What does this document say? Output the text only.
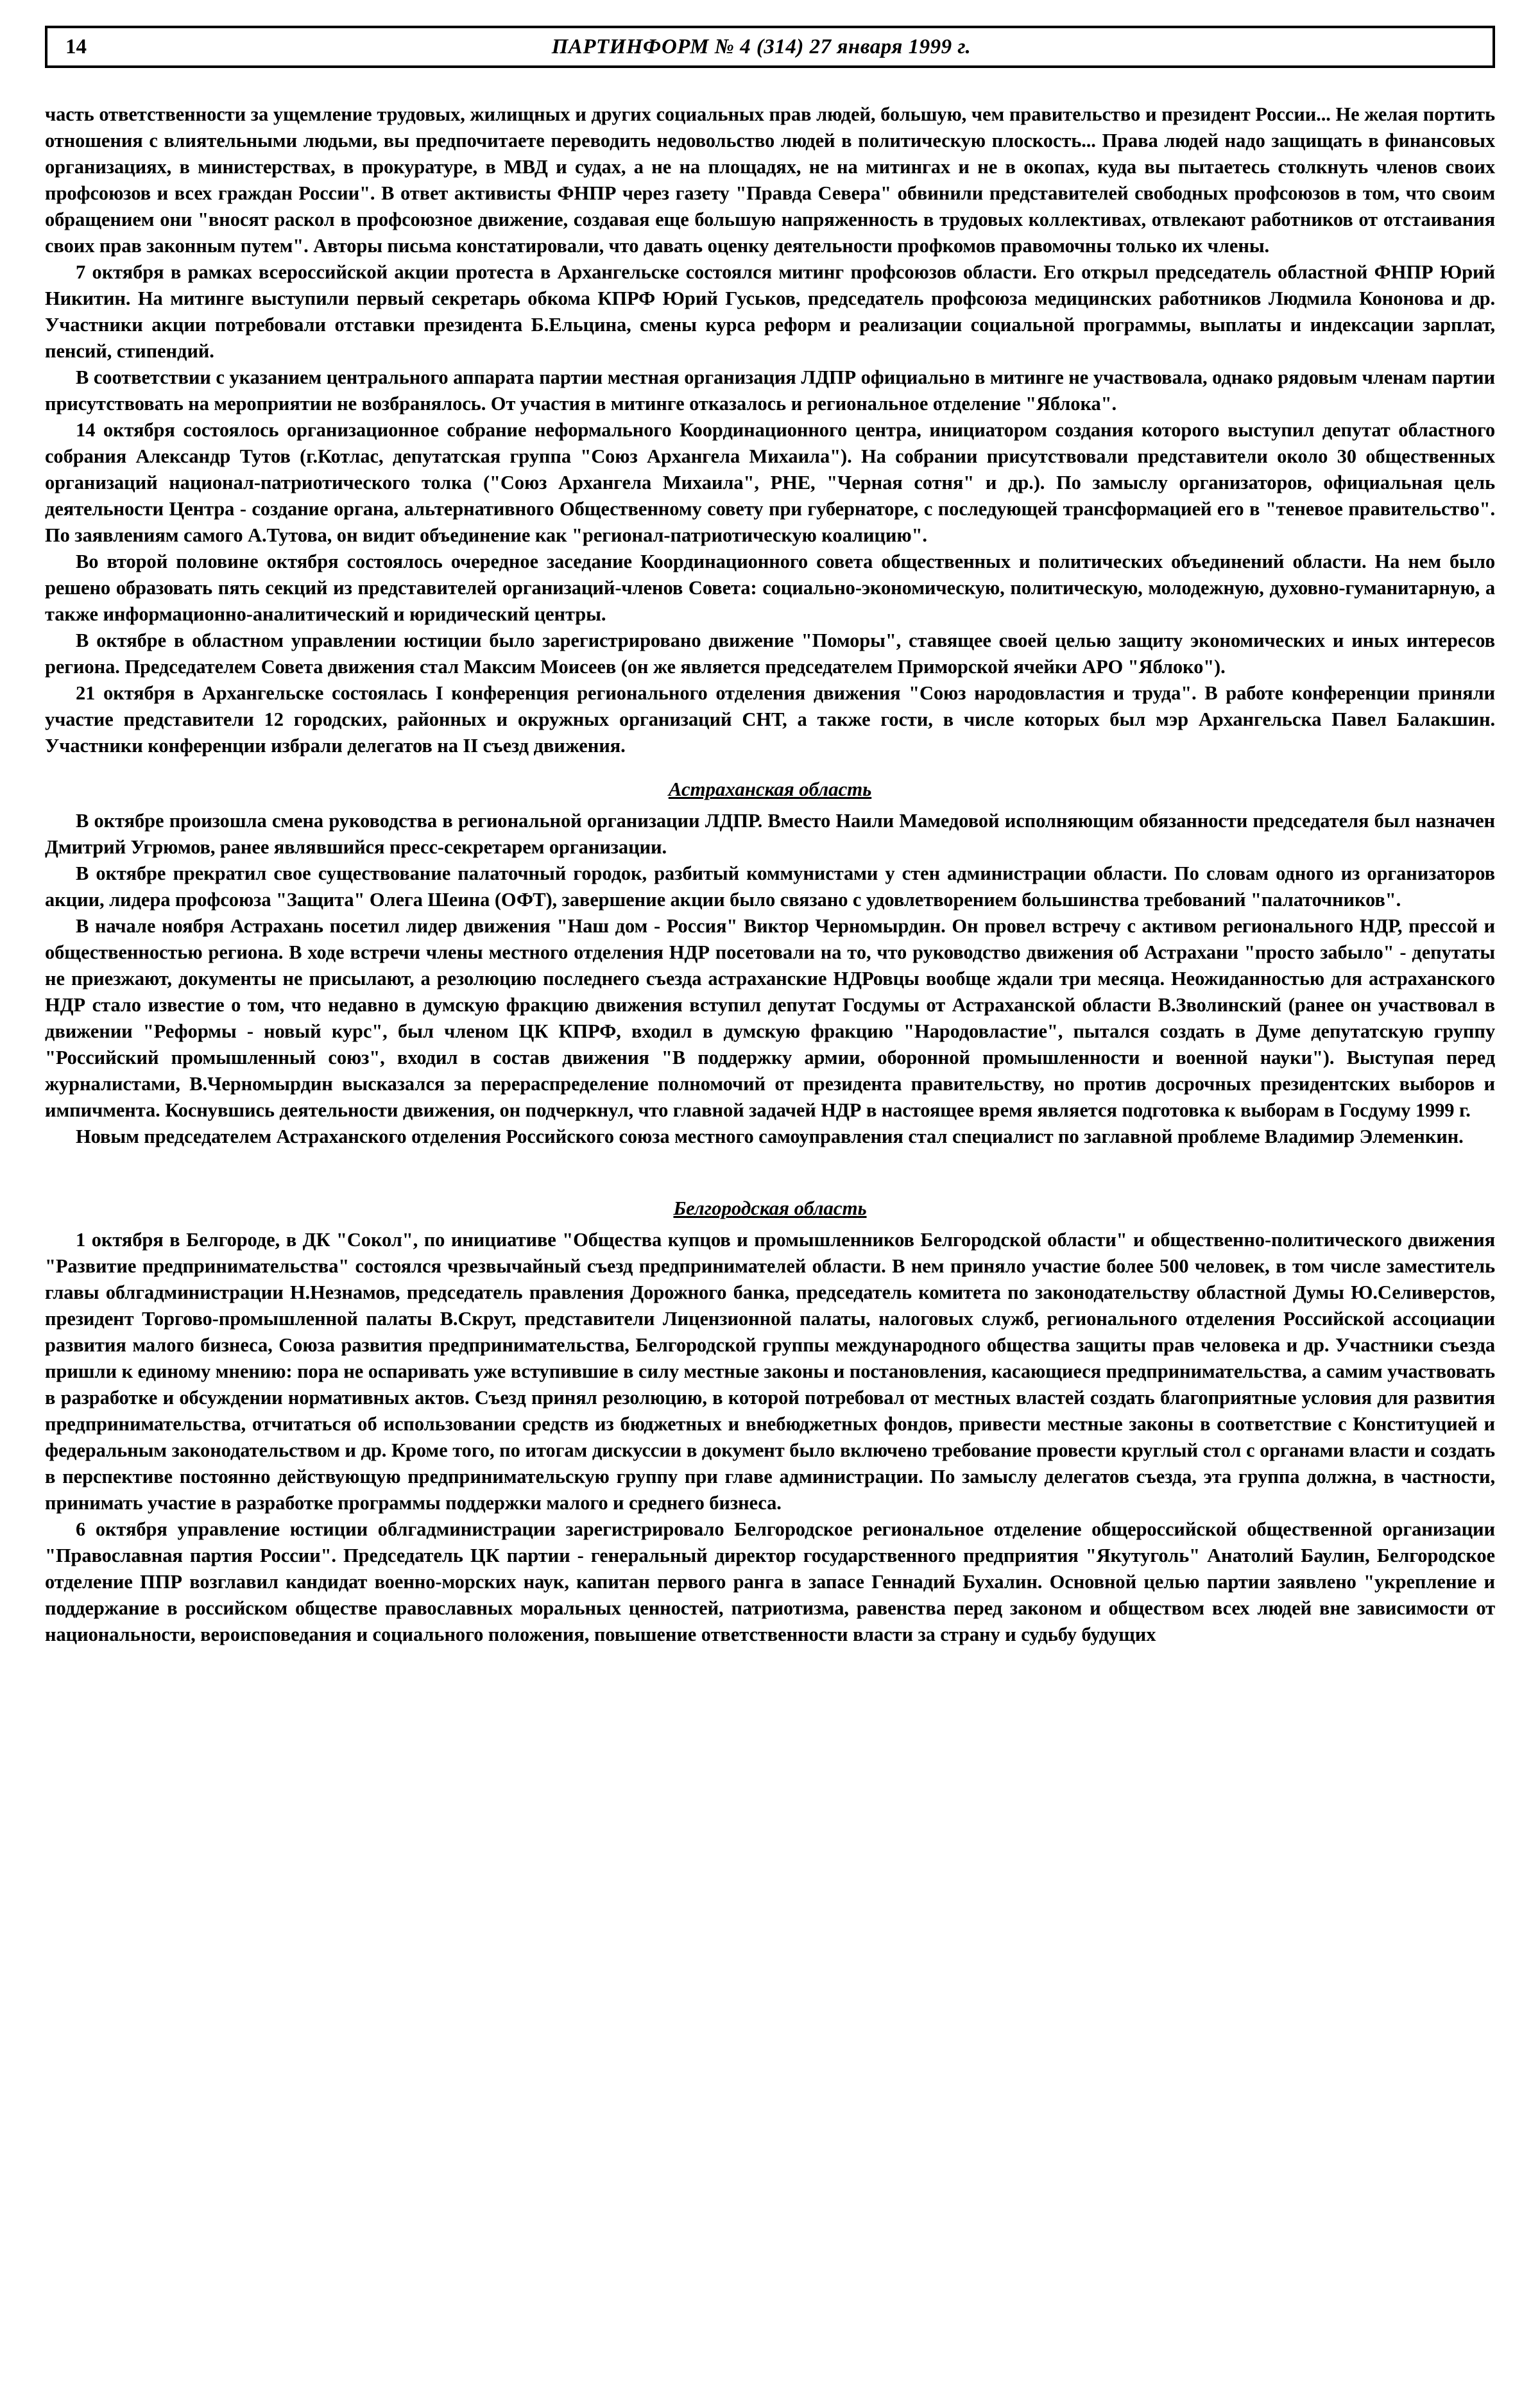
14	ПАРТИНФОРМ № 4 (314) 27 января 1999 г.

часть ответственности за ущемление трудовых, жилищных и других социальных прав людей, большую, чем правительство и президент России... Не желая портить отношения с влиятельными людьми, вы предпочитаете переводить недовольство людей в политическую плоскость... Права людей надо защищать в финансовых организациях, в министерствах, в прокуратуре, в МВД и судах, а не на площадях, не на митингах и не в окопах, куда вы пытаетесь столкнуть членов своих профсоюзов и всех граждан России". В ответ активисты ФНПР через газету "Правда Севера" обвинили представителей свободных профсоюзов в том, что своим обращением они "вносят раскол в профсоюзное движение, создавая еще большую напряженность в трудовых коллективах, отвлекают работников от отстаивания своих прав законным путем". Авторы письма констатировали, что давать оценку деятельности профкомов правомочны только их члены.

7 октября в рамках всероссийской акции протеста в Архангельске состоялся митинг профсоюзов области. Его открыл председатель областной ФНПР Юрий Никитин. На митинге выступили первый секретарь обкома КПРФ Юрий Гуськов, председатель профсоюза медицинских работников Людмила Кононова и др. Участники акции потребовали отставки президента Б.Ельцина, смены курса реформ и реализации социальной программы, выплаты и индексации зарплат, пенсий, стипендий.

В соответствии с указанием центрального аппарата партии местная организация ЛДПР официально в митинге не участвовала, однако рядовым членам партии присутствовать на мероприятии не возбранялось. От участия в митинге отказалось и региональное отделение "Яблока".

14 октября состоялось организационное собрание неформального Координационного центра, инициатором создания которого выступил депутат областного собрания Александр Тутов (г.Котлас, депутатская группа "Союз Архангела Михаила"). На собрании присутствовали представители около 30 общественных организаций национал-патриотического толка ("Союз Архангела Михаила", РНЕ, "Черная сотня" и др.). По замыслу организаторов, официальная цель деятельности Центра - создание органа, альтернативного Общественному совету при губернаторе, с последующей трансформацией его в "теневое правительство". По заявлениям самого А.Тутова, он видит объединение как "регионал-патриотическую коалицию".

Во второй половине октября состоялось очередное заседание Координационного совета общественных и политических объединений области. На нем было решено образовать пять секций из представителей организаций-членов Совета: социально-экономическую, политическую, молодежную, духовно-гуманитарную, а также информационно-аналитический и юридический центры.

В октябре в областном управлении юстиции было зарегистрировано движение "Поморы", ставящее своей целью защиту экономических и иных интересов региона. Председателем Совета движения стал Максим Моисеев (он же является председателем Приморской ячейки АРО "Яблоко").

21 октября в Архангельске состоялась I конференция регионального отделения движения "Союз народовластия и труда". В работе конференции приняли участие представители 12 городских, районных и окружных организаций СНТ, а также гости, в числе которых был мэр Архангельска Павел Балакшин. Участники конференции избрали делегатов на II съезд движения.

Астраханская область

В октябре произошла смена руководства в региональной организации ЛДПР. Вместо Наили Мамедовой исполняющим обязанности председателя был назначен Дмитрий Угрюмов, ранее являвшийся пресс-секретарем организации.

В октябре прекратил свое существование палаточный городок, разбитый коммунистами у стен администрации области. По словам одного из организаторов акции, лидера профсоюза "Защита" Олега Шеина (ОФТ), завершение акции было связано с удовлетворением большинства требований "палаточников".

В начале ноября Астрахань посетил лидер движения "Наш дом - Россия" Виктор Черномырдин. Он провел встречу с активом регионального НДР, прессой и общественностью региона. В ходе встречи члены местного отделения НДР посетовали на то, что руководство движения об Астрахани "просто забыло" - депутаты не приезжают, документы не присылают, а резолюцию последнего съезда астраханские НДРовцы вообще ждали три месяца. Неожиданностью для астраханского НДР стало известие о том, что недавно в думскую фракцию движения вступил депутат Госдумы от Астраханской области В.Зволинский (ранее он участвовал в движении "Реформы - новый курс", был членом ЦК КПРФ, входил в думскую фракцию "Народовластие", пытался создать в Думе депутатскую группу "Российский промышленный союз", входил в состав движения "В поддержку армии, оборонной промышленности и военной науки"). Выступая перед журналистами, В.Черномырдин высказался за перераспределение полномочий от президента правительству, но против досрочных президентских выборов и импичмента. Коснувшись деятельности движения, он подчеркнул, что главной задачей НДР в настоящее время является подготовка к выборам в Госдуму 1999 г.

Новым председателем Астраханского отделения Российского союза местного самоуправления стал специалист по заглавной проблеме Владимир Элеменкин.

Белгородская область

1 октября в Белгороде, в ДК "Сокол", по инициативе "Общества купцов и промышленников Белгородской области" и общественно-политического движения "Развитие предпринимательства" состоялся чрезвычайный съезд предпринимателей области. В нем приняло участие более 500 человек, в том числе заместитель главы облгадминистрации Н.Незнамов, председатель правления Дорожного банка, председатель комитета по законодательству областной Думы Ю.Селиверстов, президент Торгово-промышленной палаты В.Скрут, представители Лицензионной палаты, налоговых служб, регионального отделения Российской ассоциации развития малого бизнеса, Союза развития предпринимательства, Белгородской группы международного общества защиты прав человека и др. Участники съезда пришли к единому мнению: пора не оспаривать уже вступившие в силу местные законы и постановления, касающиеся предпринимательства, а самим участвовать в разработке и обсуждении нормативных актов. Съезд принял резолюцию, в которой потребовал от местных властей создать благоприятные условия для развития предпринимательства, отчитаться об использовании средств из бюджетных и внебюджетных фондов, привести местные законы в соответствие с Конституцией и федеральным законодательством и др. Кроме того, по итогам дискуссии в документ было включено требование провести круглый стол с органами власти и создать в перспективе постоянно действующую предпринимательскую группу при главе администрации. По замыслу делегатов съезда, эта группа должна, в частности, принимать участие в разработке программы поддержки малого и среднего бизнеса.

6 октября управление юстиции облгадминистрации зарегистрировало Белгородское региональное отделение общероссийской общественной организации "Православная партия России". Председатель ЦК партии - генеральный директор государственного предприятия "Якутуголь" Анатолий Баулин, Белгородское отделение ППР возглавил кандидат военно-морских наук, капитан первого ранга в запасе Геннадий Бухалин. Основной целью партии заявлено "укрепление и поддержание в российском обществе православных моральных ценностей, патриотизма, равенства перед законом и обществом всех людей вне зависимости от национальности, вероисповедания и социального положения, повышение ответственности власти за страну и судьбу будущих
